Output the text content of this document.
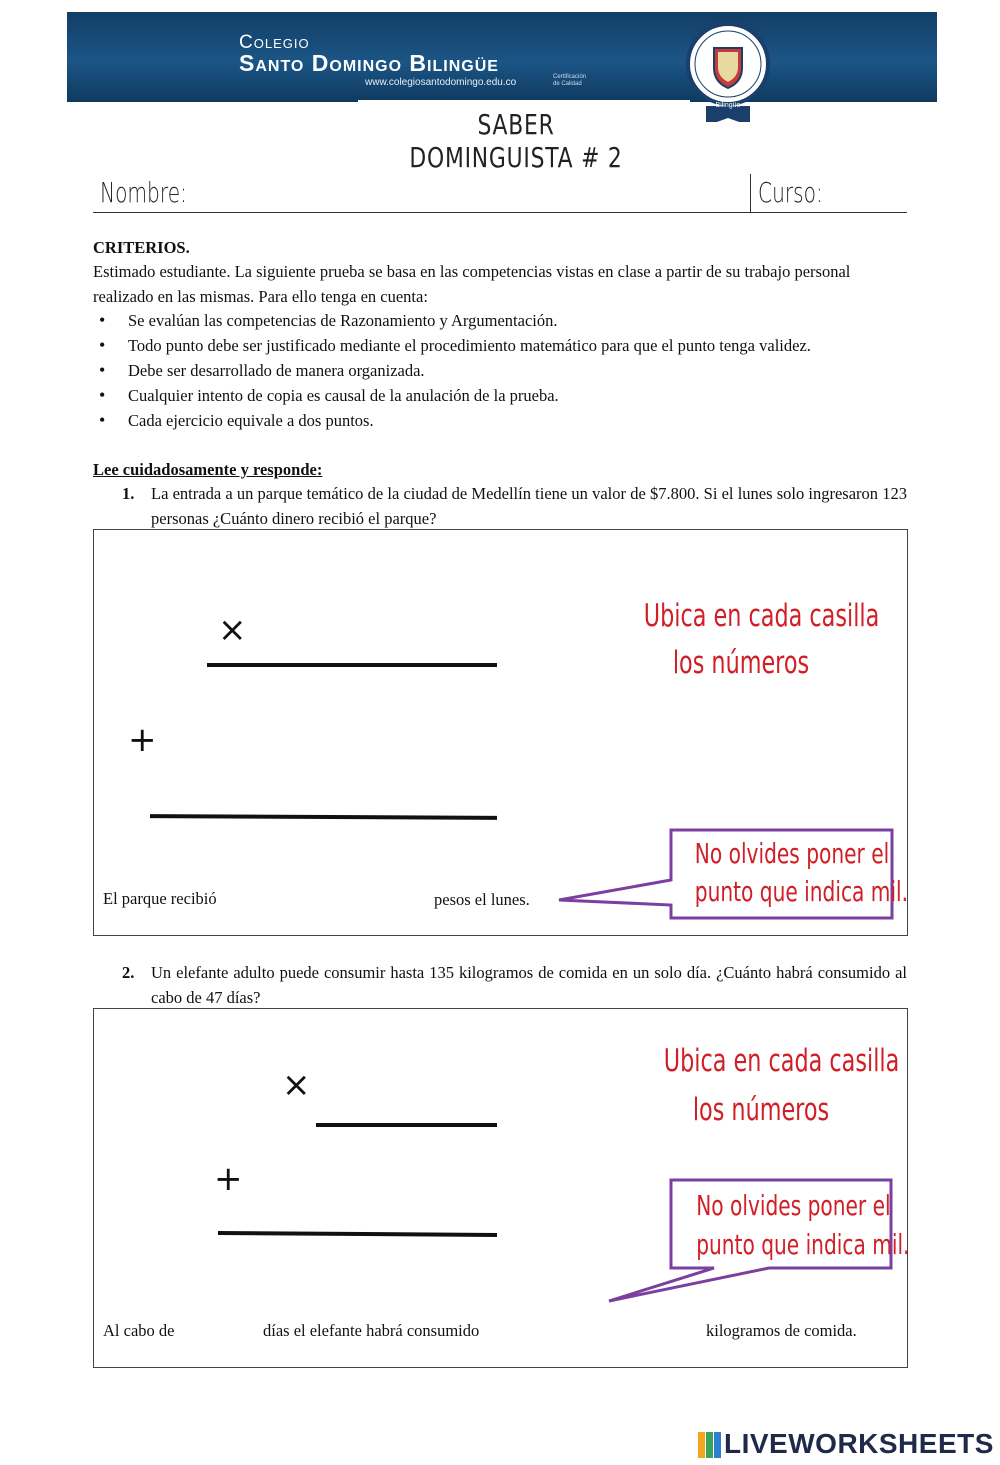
Colegio
Santo Domingo Bilingüe
www.colegiosantodomingo.edu.co	Certificación de Calidad
Bilingüe
SABER DOMINGUISTA # 2
Nombre:	Curso:
CRITERIOS.
Estimado estudiante. La siguiente prueba se basa en las competencias vistas en clase a partir de su trabajo personal realizado en las mismas. Para ello tenga en cuenta:
• Se evalúan las competencias de Razonamiento y Argumentación.
• Todo punto debe ser justificado mediante el procedimiento matemático para que el punto tenga validez.
• Debe ser desarrollado de manera organizada.
• Cualquier intento de copia es causal de la anulación de la prueba.
• Cada ejercicio equivale a dos puntos.
Lee cuidadosamente y responde:
1. La entrada a un parque temático de la ciudad de Medellín tiene un valor de $7.800. Si el lunes solo ingresaron 123 personas ¿Cuánto dinero recibió el parque?
×
+
Ubica en cada casilla
los números
No olvides poner el
punto que indica mil.
El parque recibió	pesos el lunes.
2. Un elefante adulto puede consumir hasta 135 kilogramos de comida en un solo día. ¿Cuánto habrá consumido al cabo de 47 días?
×
+
Ubica en cada casilla
los números
No olvides poner el
punto que indica mil.
Al cabo de	días el elefante habrá consumido	kilogramos de comida.
LIVEWORKSHEETS
